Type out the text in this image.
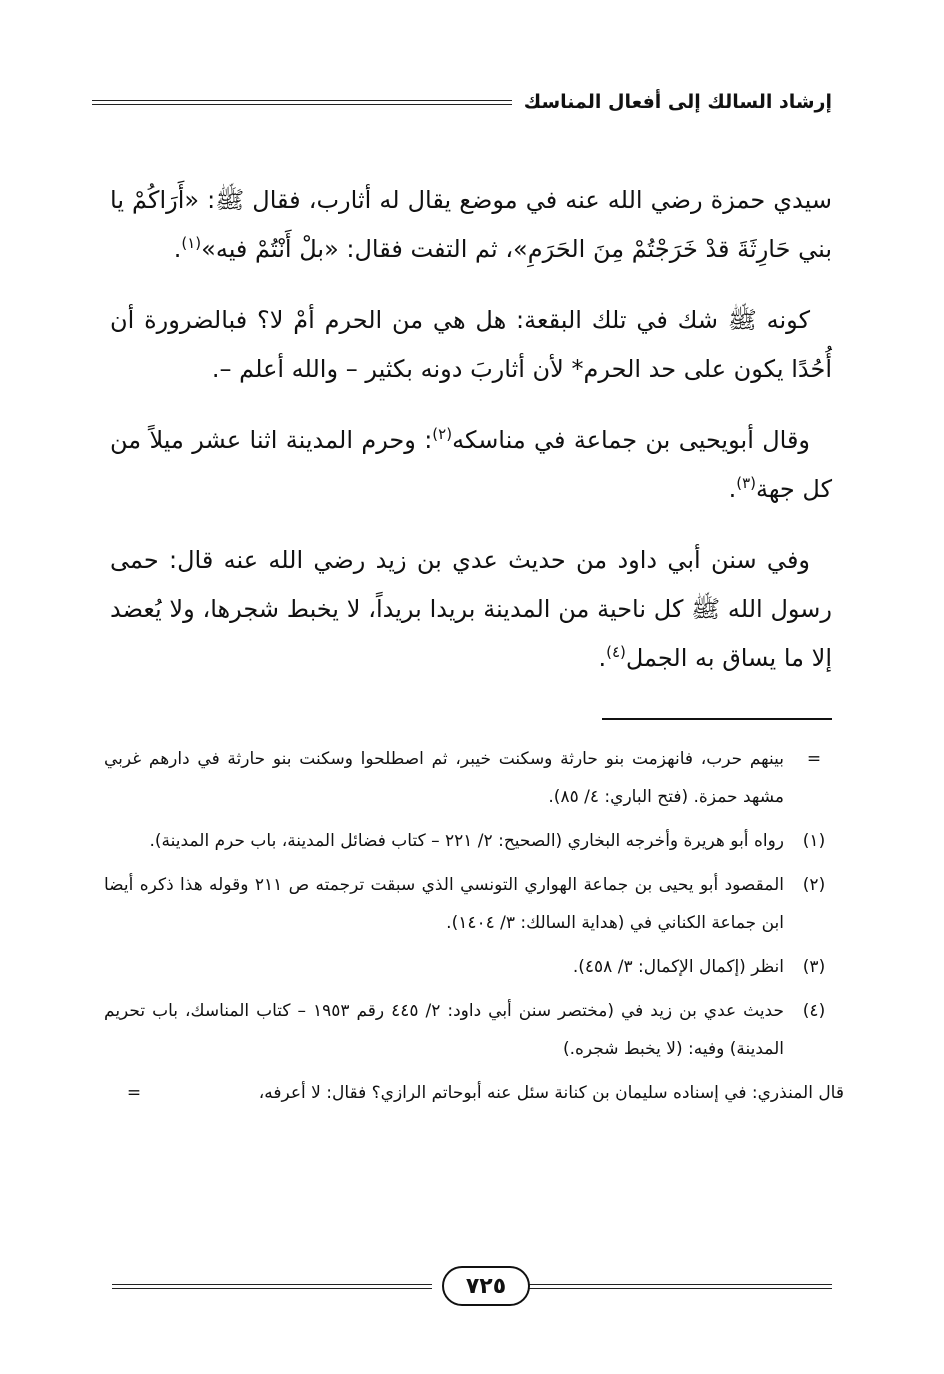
إرشاد السالك إلى أفعال المناسك

سيدي حمزة رضي الله عنه في موضع يقال له أثارب، فقال ﷺ: «أَرَاكُمْ يا بني حَارِثَةَ قدْ خَرَجْتُمْ مِنَ الحَرَمِ»، ثم التفت فقال: «بلْ أَنْتُمْ فيه»$^{(١)}$.

كونه ﷺ شك في تلك البقعة: هل هي من الحرم أمْ لا؟ فبالضرورة أن أُحُدًا يكون على حد الحرم* لأن أثاربَ دونه بكثير – والله أعلم –.

وقال أبويحيى بن جماعة في مناسكه$^{(٢)}$: وحرم المدينة اثنا عشر ميلاً من كل جهة$^{(٣)}$.

وفي سنن أبي داود من حديث عدي بن زيد رضي الله عنه قال: حمى رسول الله ﷺ كل ناحية من المدينة بريدا بريداً، لا يخبط شجرها، ولا يُعضد إلا ما يساق به الجمل$^{(٤)}$.

=
بينهم حرب، فانهزمت بنو حارثة وسكنت خيبر، ثم اصطلحوا وسكنت بنو حارثة في دارهم غربي مشهد حمزة. (فتح الباري: ٤/ ٨٥).
(١)
رواه أبو هريرة وأخرجه البخاري (الصحيح: ٢/ ٢٢١ – كتاب فضائل المدينة، باب حرم المدينة).
(٢)
المقصود أبو يحيى بن جماعة الهواري التونسي الذي سبقت ترجمته ص ٢١١ وقوله هذا ذكره أيضا ابن جماعة الكناني في (هداية السالك: ٣/ ١٤٠٤).
(٣)
انظر (إكمال الإكمال: ٣/ ٤٥٨).
(٤)
حديث عدي بن زيد في (مختصر سنن أبي داود: ٢/ ٤٤٥ رقم ١٩٥٣ – كتاب المناسك، باب تحريم المدينة) وفيه: (لا يخبط شجره.)
قال المنذري: في إسناده سليمان بن كنانة سئل عنه أبوحاتم الرازي؟ فقال: لا أعرفه،
=
٧٢٥
